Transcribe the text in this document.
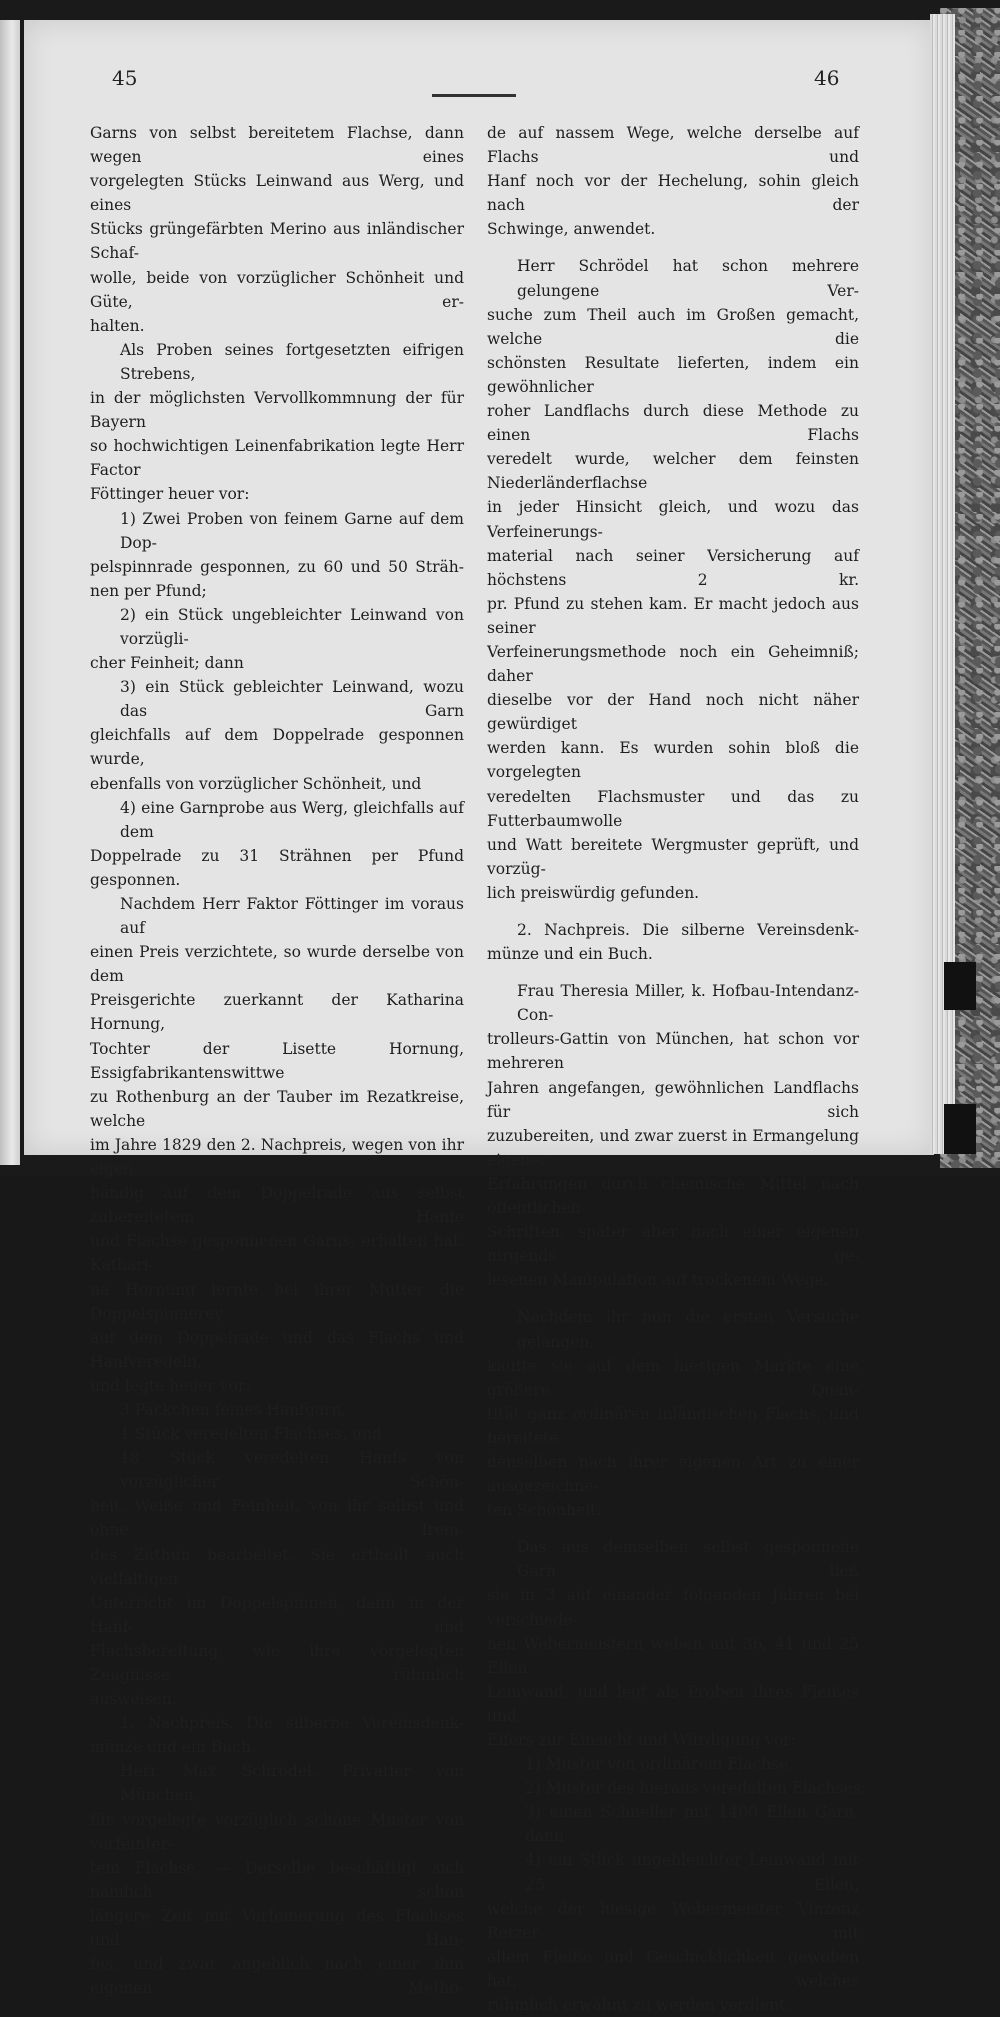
45	46
Garns von selbst bereitetem Flachse, dann wegen eines
vorgelegten Stücks Leinwand aus Werg, und eines
Stücks grüngefärbten Merino aus inländischer Schaf-
wolle, beide von vorzüglicher Schönheit und Güte, er-
halten.
Als Proben seines fortgesetzten eifrigen Strebens,
in der möglichsten Vervollkommnung der für Bayern
so hochwichtigen Leinenfabrikation legte Herr Factor
Föttinger heuer vor:
1) Zwei Proben von feinem Garne auf dem Dop-
pelspinnrade gesponnen, zu 60 und 50 Sträh-
nen per Pfund;
2) ein Stück ungebleichter Leinwand von vorzügli-
cher Feinheit; dann
3) ein Stück gebleichter Leinwand, wozu das Garn
gleichfalls auf dem Doppelrade gesponnen wurde,
ebenfalls von vorzüglicher Schönheit, und
4) eine Garnprobe aus Werg, gleichfalls auf dem
Doppelrade zu 31 Strähnen per Pfund gesponnen.
Nachdem Herr Faktor Föttinger im voraus auf
einen Preis verzichtete, so wurde derselbe von dem
Preisgerichte zuerkannt der Katharina Hornung,
Tochter der Lisette Hornung, Essigfabrikantenswittwe
zu Rothenburg an der Tauber im Rezatkreise, welche
im Jahre 1829 den 2. Nachpreis, wegen von ihr eigen-
händig auf dem Doppelrade aus selbst zubereitetem Hanfe
und Flachse gesponnenen Garns, erhalten hat. Kathari-
na Hornung lernte bei ihrer Mutter die Doppelspinnerey
auf dem Doppelrade und das Flachs und Hanfveredeln,
und legte heuer vor:
3 Päckchen feines Hanfgarn,
1 Stück veredelten Flachses, und
18 Stück veredelten Hanfs von vorzüglicher Schön-
heit, Weiße und Feinheit, von ihr selbst und ohne frem-
des Zuthun bearbeitet. Sie ertheilt auch vielfältigen
Unterricht im Doppelspinnen, dann in der Hanf- und
Flachsbereitung, wie ihre vorgelegten Zeugnisse rühmlich
ausweisen.
1. Nachpreis. Die silberne Vereinsdenk-
münze und ein Buch.
Herr Max Schrödel, Privatier von München,
für vorgelegte vorzüglich schöne Muster von verfeinter-
tem Flachse. — Derselbe beschäftigt sich nämlich schon
längere Zeit mit Verfeinerung des Flachses und Han-
fes, und zwar angeblich nach einer ihm eigenen Metho-
de auf nassem Wege, welche derselbe auf Flachs und
Hanf noch vor der Hechelung, sohin gleich nach der
Schwinge, anwendet.
Herr Schrödel hat schon mehrere gelungene Ver-
suche zum Theil auch im Großen gemacht, welche die
schönsten Resultate lieferten, indem ein gewöhnlicher
roher Landflachs durch diese Methode zu einen Flachs
veredelt wurde, welcher dem feinsten Niederländerflachse
in jeder Hinsicht gleich, und wozu das Verfeinerungs-
material nach seiner Versicherung auf höchstens 2 kr.
pr. Pfund zu stehen kam. Er macht jedoch aus seiner
Verfeinerungsmethode noch ein Geheimniß; daher
dieselbe vor der Hand noch nicht näher gewürdiget
werden kann. Es wurden sohin bloß die vorgelegten
veredelten Flachsmuster und das zu Futterbaumwolle
und Watt bereitete Wergmuster geprüft, und vorzüg-
lich preiswürdig gefunden.
2. Nachpreis. Die silberne Vereinsdenk-
münze und ein Buch.
Frau Theresia Miller, k. Hofbau-Intendanz-Con-
trolleurs-Gattin von München, hat schon vor mehreren
Jahren angefangen, gewöhnlichen Landflachs für sich
zuzubereiten, und zwar zuerst in Ermangelung eigener
Erfahrungen durch chemische Mittel nach öffentlichen
Schriften, später aber nach einer eigenen nirgends ge-
lesenen Manipulation auf trockenem Wege.
Nachdem ihr nun die ersten Versuche gelangen,
kaufte sie auf dem hiesigen Markte eine größere Quan-
tität ganz ordinären inländischen Flachs, und bereitete
denselben nach ihrer eigenen Art zu einer ausgezeichne-
ten Schönheit.
Das aus demselben selbst gesponnene Garn ließ
sie in 3 auf einander folgenden Jahren bei verschiede-
nen Webermeistern weben mit 36, 41 und 25 Ellen
Leinwand, und legt als Proben ihres Fleißes und
Eifers zur Einsicht und Würdigung vor:
1) Muster von ordinärem Flachse,
2) Muster des hieraus veredelten Flachses,
3) einen Schneller mit 1400 Ellen Garn, dann
4) ein Stück ungebleichter Leinwand mit 25 Ellen,
welche der hiesige Webermeister Vinzenz Retzer mit
allem Fleiße und Geschicklichkeit gewoben hat, welches
rühmlich erwähnt zu werden verdient.
